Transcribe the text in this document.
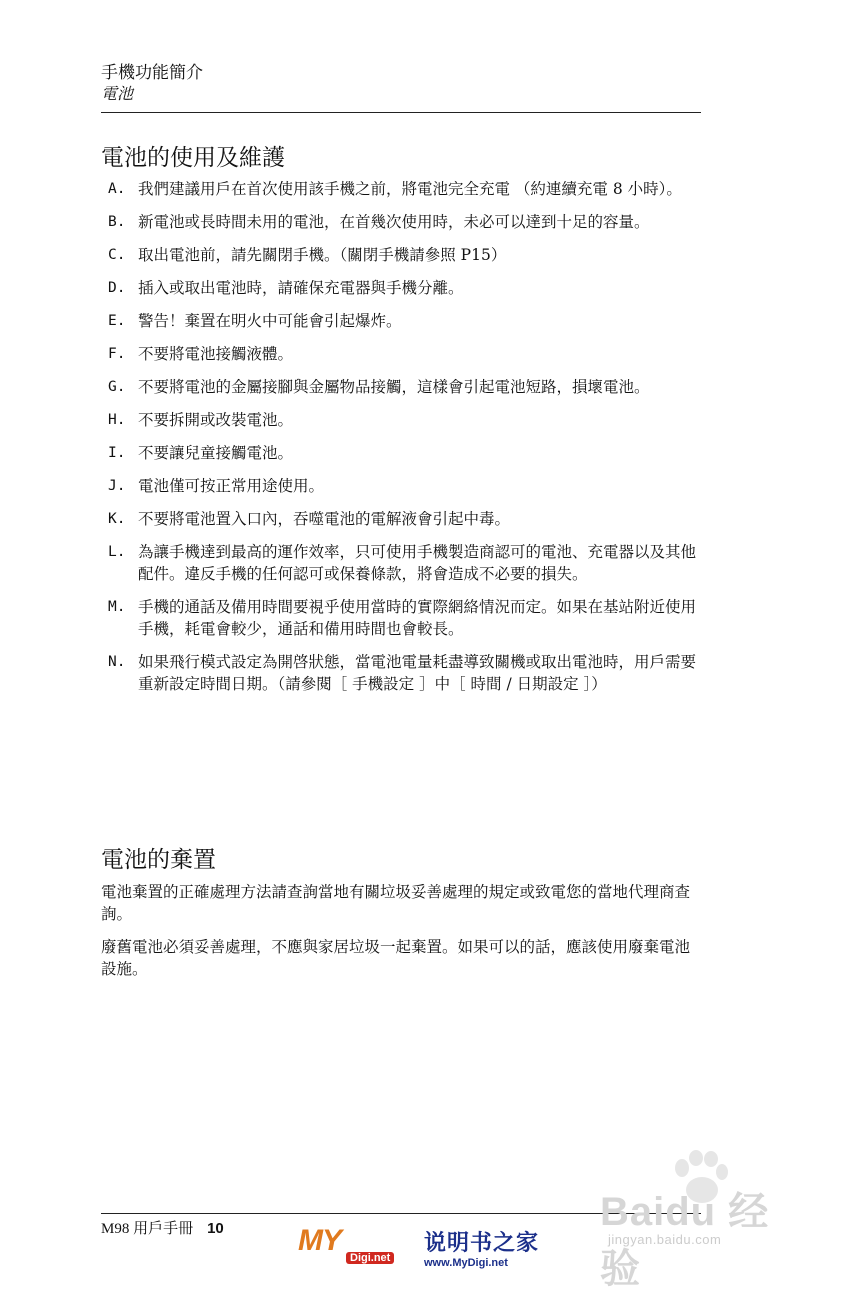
手機功能簡介
電池
電池的使用及維護
A. 我們建議用戶在首次使用該手機之前，將電池完全充電 （約連續充電 8 小時）。
B. 新電池或長時間未用的電池，在首幾次使用時，未必可以達到十足的容量。
C. 取出電池前，請先關閉手機。（關閉手機請參照 P15）
D. 插入或取出電池時，請確保充電器與手機分離。
E. 警告！棄置在明火中可能會引起爆炸。
F. 不要將電池接觸液體。
G. 不要將電池的金屬接腳與金屬物品接觸，這樣會引起電池短路，損壞電池。
H. 不要拆開或改裝電池。
I. 不要讓兒童接觸電池。
J. 電池僅可按正常用途使用。
K. 不要將電池置入口內，吞噬電池的電解液會引起中毒。
L. 為讓手機達到最高的運作效率，只可使用手機製造商認可的電池、充電器以及其他配件。違反手機的任何認可或保養條款，將會造成不必要的損失。
M. 手機的通話及備用時間要視乎使用當時的實際網絡情況而定。如果在基站附近使用手機，耗電會較少，通話和備用時間也會較長。
N. 如果飛行模式設定為開啓狀態，當電池電量耗盡導致關機或取出電池時，用戶需要重新設定時間日期。（請參閱［ 手機設定 ］中［ 時間 / 日期設定 ］）
電池的棄置

電池棄置的正確處理方法請查詢當地有關垃圾妥善處理的規定或致電您的當地代理商查詢。

廢舊電池必須妥善處理，不應與家居垃圾一起棄置。如果可以的話，應該使用廢棄電池設施。

M98 用戶手冊 10 MY
Digi.net
说明书之家
www.MyDigi.net
Baidu 经验
jingyan.baidu.com
